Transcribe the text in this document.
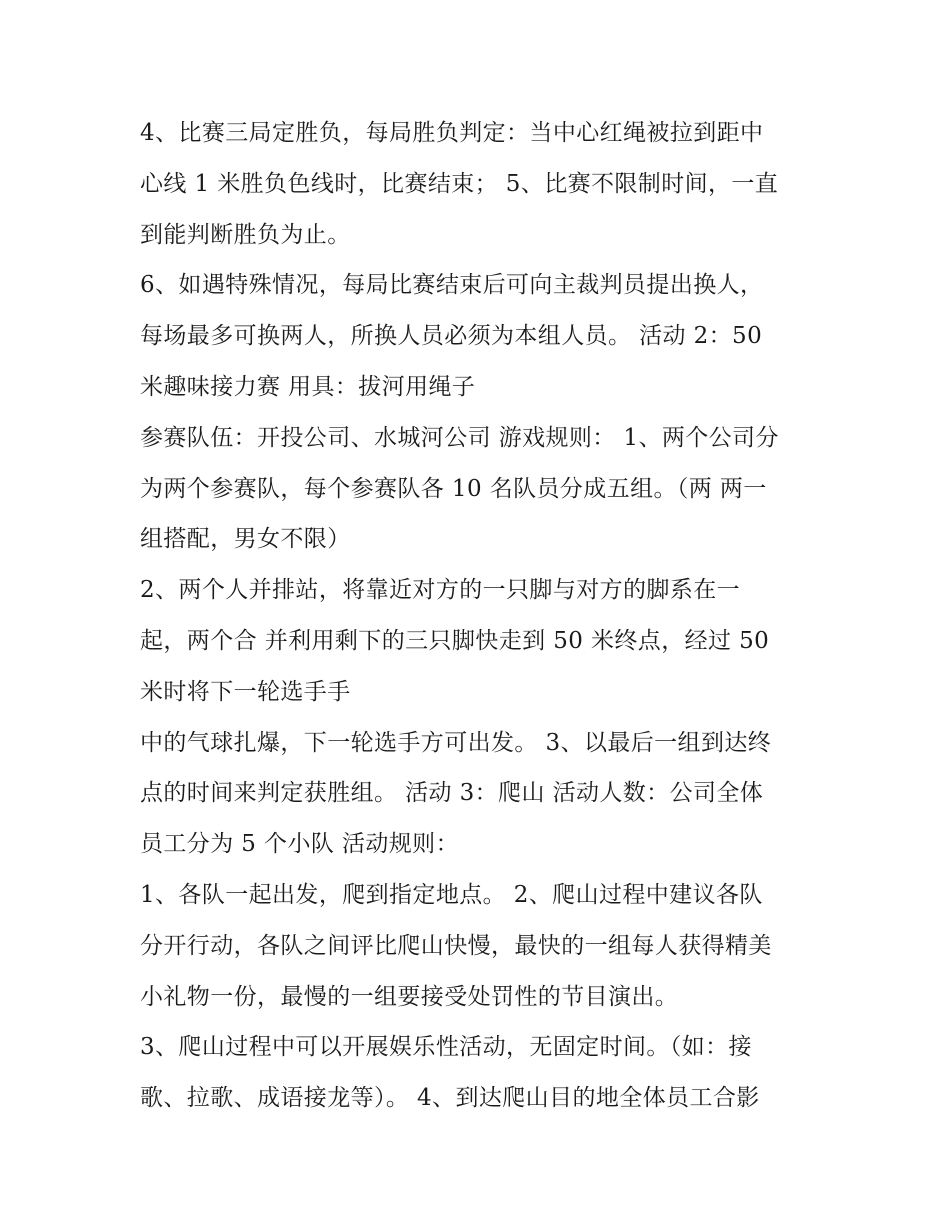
4、比赛三局定胜负，每局胜负判定：当中心红绳被拉到距中
心线 1 米胜负色线时，比赛结束； 5、比赛不限制时间，一直
到能判断胜负为止。
6、如遇特殊情况，每局比赛结束后可向主裁判员提出换人，
每场最多可换两人，所换人员必须为本组人员。 活动 2：50
米趣味接力赛 用具：拔河用绳子
参赛队伍：开投公司、水城河公司 游戏规则： 1、两个公司分
为两个参赛队，每个参赛队各 10 名队员分成五组。（两 两一
组搭配，男女不限）
2、两个人并排站，将靠近对方的一只脚与对方的脚系在一
起，两个合 并利用剩下的三只脚快走到 50 米终点，经过 50
米时将下一轮选手手
中的气球扎爆，下一轮选手方可出发。 3、以最后一组到达终
点的时间来判定获胜组。 活动 3：爬山 活动人数：公司全体
员工分为 5 个小队 活动规则：
1、各队一起出发，爬到指定地点。 2、爬山过程中建议各队
分开行动，各队之间评比爬山快慢，最快的一组每人获得精美
小礼物一份，最慢的一组要接受处罚性的节目演出。
3、爬山过程中可以开展娱乐性活动，无固定时间。（如：接
歌、拉歌、成语接龙等）。 4、到达爬山目的地全体员工合影
